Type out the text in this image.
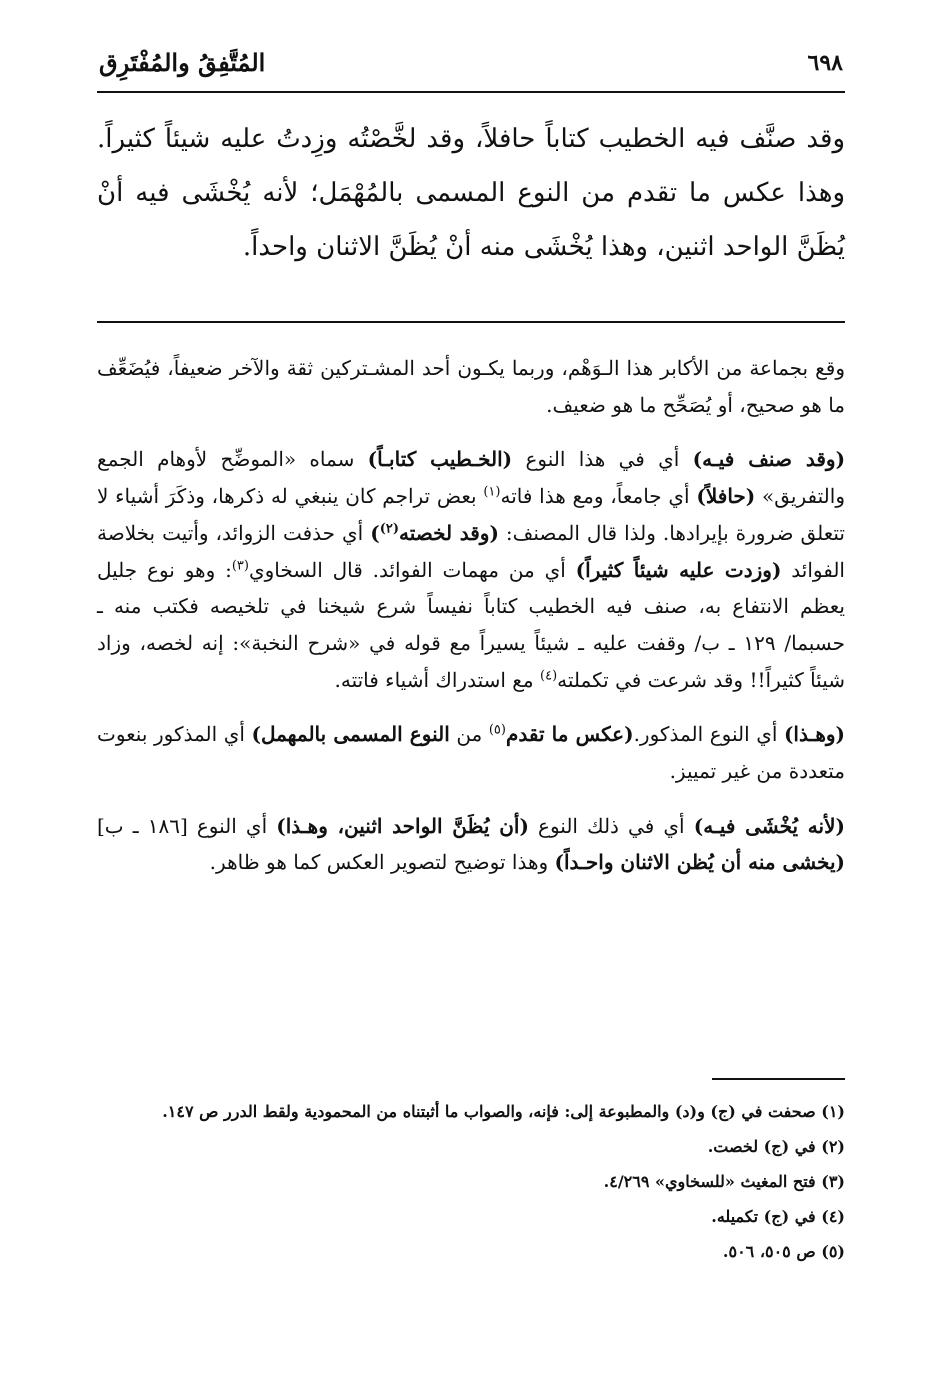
٦٩٨
المُتَّفِقُ والمُفْتَرِق

وقد صنَّف فيه الخطيب كتاباً حافلاً، وقد لخَّصْتُه وزِدتُ عليه شيئاً كثيراً. وهذا عكس ما تقدم من النوع المسمى بالمُهْمَل؛ لأنه يُخْشَى فيه أنْ يُظَنَّ الواحد اثنين، وهذا يُخْشَى منه أنْ يُظَنَّ الاثنان واحداً.

وقع بجماعة من الأكابر هذا الـوَهْم، وربما يكـون أحد المشـتركين ثقة والآخر ضعيفاً، فيُضَعِّف ما هو صحيح، أو يُصَحِّح ما هو ضعيف.

(وقد صنف فيـه) أي في هذا النوع (الخـطيب كتابـاً) سماه «الموضِّح لأوهام الجمع والتفريق» (حافلاً) أي جامعاً، ومع هذا فاته$^{(١)}$ بعض تراجم كان ينبغي له ذكرها، وذكَرَ أشياء لا تتعلق ضرورة بإيرادها. ولذا قال المصنف: (وقد لخصته$^{(٢)}$) أي حذفت الزوائد، وأتيت بخلاصة الفوائد (وزدت عليه شيئاً كثيراً) أي من مهمات الفوائد. قال السخاوي$^{(٣)}$: وهو نوع جليل يعظم الانتفاع به، صنف فيه الخطيب كتاباً نفيساً شرع شيخنا في تلخيصه فكتب منه ـ حسبما/ ١٢٩ ـ ب/ وقفت عليه ـ شيئاً يسيراً مع قوله في «شرح النخبة»: إنه لخصه، وزاد شيئاً كثيراً!! وقد شرعت في تكملته$^{(٤)}$ مع استدراك أشياء فاتته.

(وهـذا) أي النوع المذكور.(عكس ما تقدم$^{(٥)}$ من النوع المسمى بالمهمل) أي المذكور بنعوت متعددة من غير تمييز.

(لأنه يُخْشَى فيـه) أي في ذلك النوع (أن يُظَنَّ الواحد اثنين، وهـذا) أي النوع [١٨٦ ـ ب] (يخشى منه أن يُظن الاثنان واحـداً) وهذا توضيح لتصوير العكس كما هو ظاهر.

(١) صحفت في (ج) و(د) والمطبوعة إلى: فإنه، والصواب ما أثبتناه من المحمودية ولقط الدرر ص ١٤٧.
(٢) في (ج) لخصت.
(٣) فتح المغيث «للسخاوي» ٤/٢٦٩.
(٤) في (ج) تكميله.
(٥) ص ٥٠٥، ٥٠٦.
